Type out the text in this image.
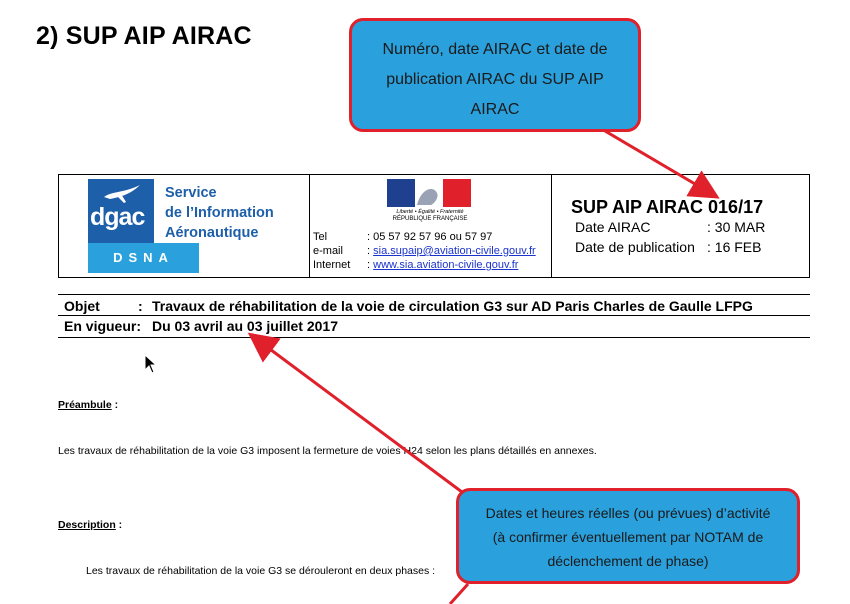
2) SUP AIP AIRAC
dgac
DSNA
Service
de l’Information
Aéronautique
Liberté • Égalité • Fraternité
RÉPUBLIQUE FRANÇAISE
Tel	: 05 57 92 57 96 ou 57 97
e-mail : sia.supaip@aviation-civile.gouv.fr
Internet : www.sia.aviation-civile.gouv.fr
SUP AIP AIRAC 016/17
Date AIRAC	: 30 MAR
Date de publication : 16 FEB
Objet	: Travaux de réhabilitation de la voie de circulation G3 sur AD Paris Charles de Gaulle LFPG
En vigueur: Du 03 avril au 03 juillet 2017
Préambule :
Les travaux de réhabilitation de la voie G3 imposent la fermeture de voies H24 selon les plans détaillés en annexes.
Description :
Les travaux de réhabilitation de la voie G3 se dérouleront en deux phases :
Numéro, date AIRAC et date de
publication AIRAC du SUP AIP
AIRAC
Dates et heures réelles (ou prévues) d’activité
(à confirmer éventuellement par NOTAM de
déclenchement de phase)
